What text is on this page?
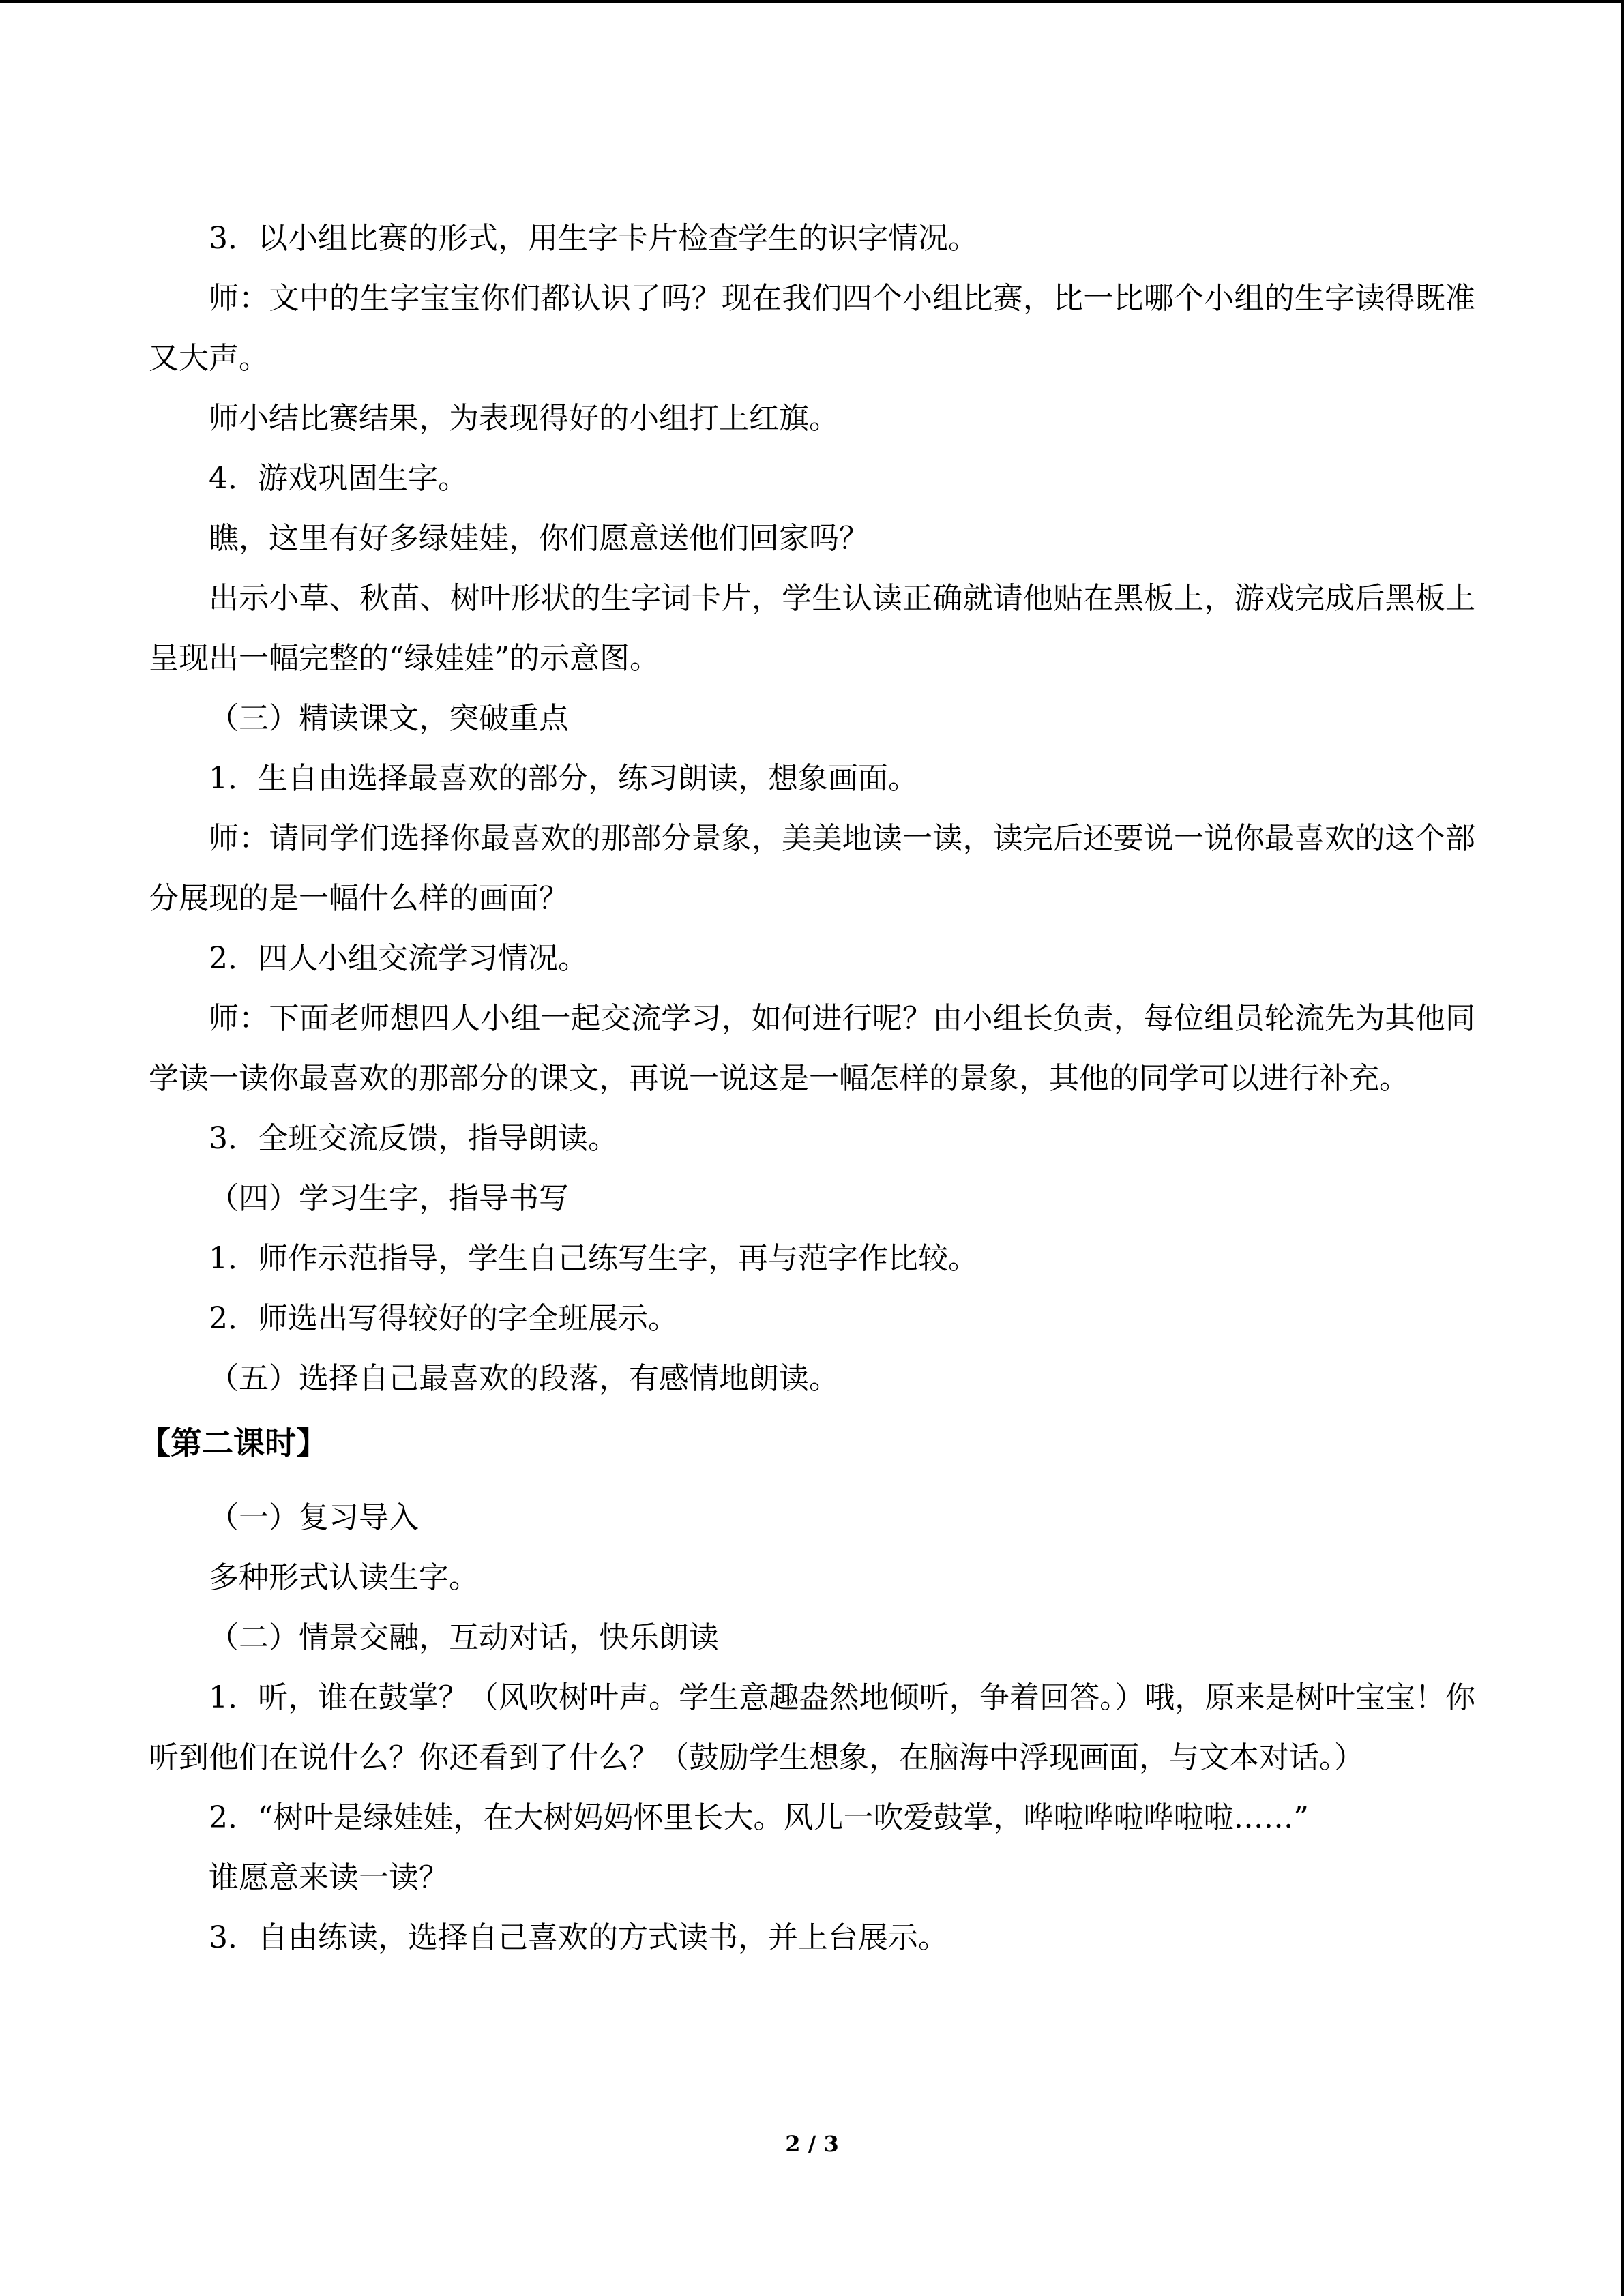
3．以小组比赛的形式，用生字卡片检查学生的识字情况。

师：文中的生字宝宝你们都认识了吗？现在我们四个小组比赛，比一比哪个小组的生字读得既准又大声。

师小结比赛结果，为表现得好的小组打上红旗。

4．游戏巩固生字。

瞧，这里有好多绿娃娃，你们愿意送他们回家吗？

出示小草、秋苗、树叶形状的生字词卡片，学生认读正确就请他贴在黑板上，游戏完成后黑板上呈现出一幅完整的“绿娃娃”的示意图。

（三）精读课文，突破重点

1．生自由选择最喜欢的部分，练习朗读，想象画面。

师：请同学们选择你最喜欢的那部分景象，美美地读一读，读完后还要说一说你最喜欢的这个部分展现的是一幅什么样的画面？

2．四人小组交流学习情况。

师：下面老师想四人小组一起交流学习，如何进行呢？由小组长负责，每位组员轮流先为其他同学读一读你最喜欢的那部分的课文，再说一说这是一幅怎样的景象，其他的同学可以进行补充。

3．全班交流反馈，指导朗读。

（四）学习生字，指导书写

1．师作示范指导，学生自己练写生字，再与范字作比较。

2．师选出写得较好的字全班展示。

（五）选择自己最喜欢的段落，有感情地朗读。

【第二课时】

（一）复习导入

多种形式认读生字。

（二）情景交融，互动对话，快乐朗读

1．听，谁在鼓掌？（风吹树叶声。学生意趣盎然地倾听，争着回答。）哦，原来是树叶宝宝！你听到他们在说什么？你还看到了什么？（鼓励学生想象，在脑海中浮现画面，与文本对话。）

2．“树叶是绿娃娃，在大树妈妈怀里长大。风儿一吹爱鼓掌，哗啦哗啦哗啦啦……”

谁愿意来读一读？

3．自由练读，选择自己喜欢的方式读书，并上台展示。

2 / 3
